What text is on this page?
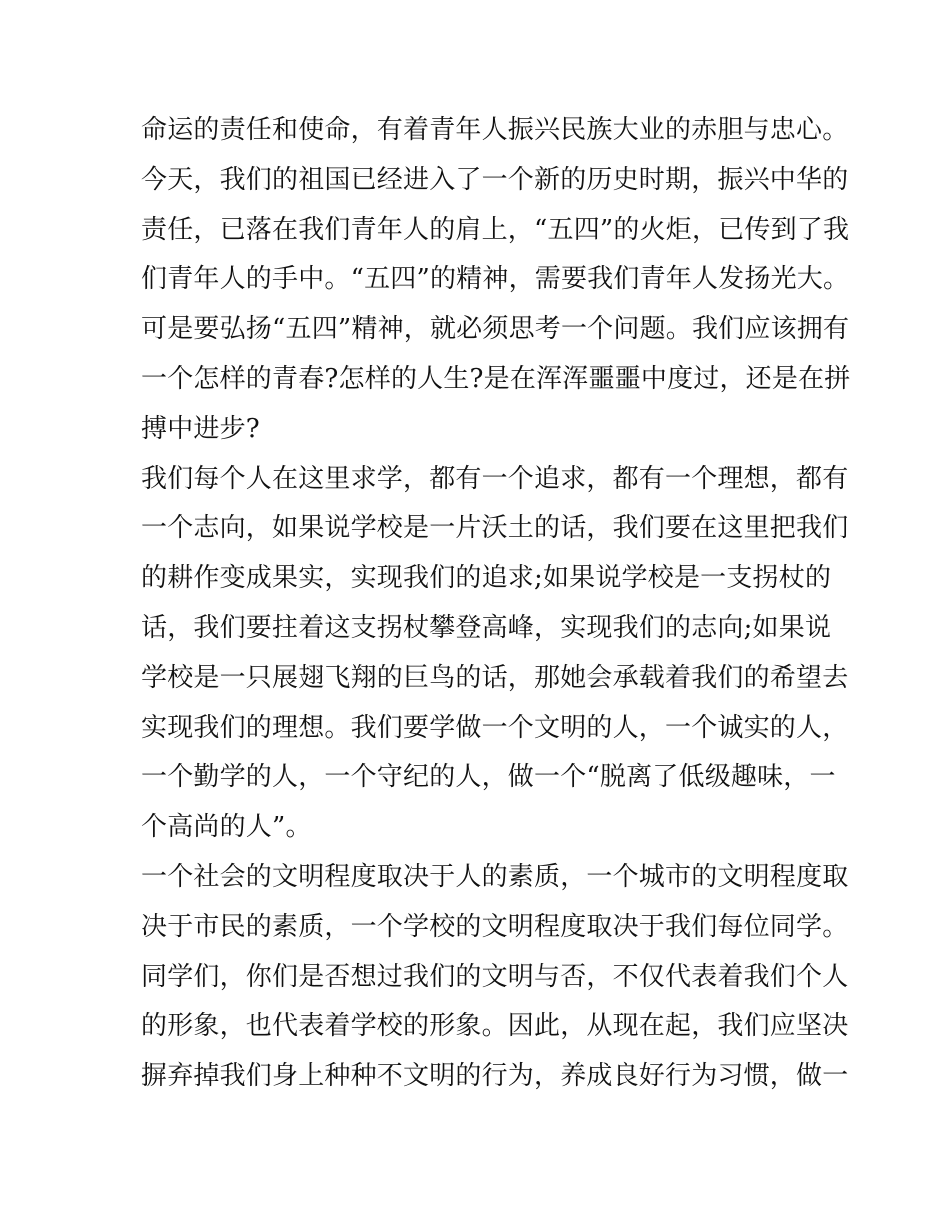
命运的责任和使命，有着青年人振兴民族大业的赤胆与忠心。
今天，我们的祖国已经进入了一个新的历史时期，振兴中华的
责任，已落在我们青年人的肩上，“五四”的火炬，已传到了我
们青年人的手中。“五四”的精神，需要我们青年人发扬光大。
可是要弘扬“五四”精神，就必须思考一个问题。我们应该拥有
一个怎样的青春?怎样的人生?是在浑浑噩噩中度过，还是在拼
搏中进步?
我们每个人在这里求学，都有一个追求，都有一个理想，都有
一个志向，如果说学校是一片沃土的话，我们要在这里把我们
的耕作变成果实，实现我们的追求;如果说学校是一支拐杖的
话，我们要拄着这支拐杖攀登高峰，实现我们的志向;如果说
学校是一只展翅飞翔的巨鸟的话，那她会承载着我们的希望去
实现我们的理想。我们要学做一个文明的人，一个诚实的人，
一个勤学的人，一个守纪的人，做一个“脱离了低级趣味，一
个高尚的人”。
一个社会的文明程度取决于人的素质，一个城市的文明程度取
决于市民的素质，一个学校的文明程度取决于我们每位同学。
同学们，你们是否想过我们的文明与否，不仅代表着我们个人
的形象，也代表着学校的形象。因此，从现在起，我们应坚决
摒弃掉我们身上种种不文明的行为，养成良好行为习惯，做一
